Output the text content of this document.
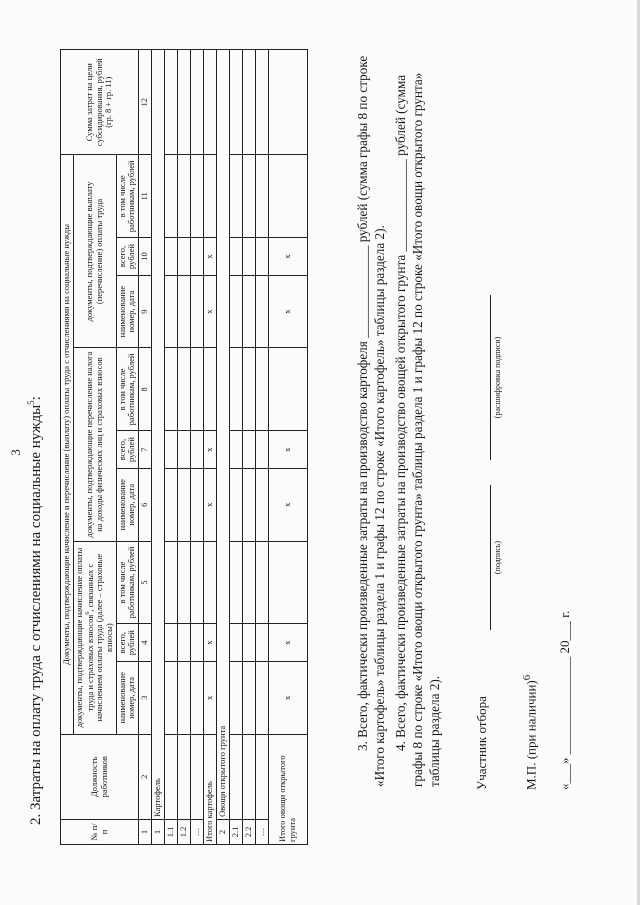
3 2. Затраты на оплату труда с отчислениями на социальные нужды$^5$:
№ п/п	Должность работников	Документы, подтверждающие начисление и перечисление (выплату) оплаты труда с отчислениями на социальные нужды									Сумма затрат на цели субсидирования, рублей (гр. 8 + гр. 11)
		документы, подтверждающие начисление оплаты труда и страховых взносов$^6$, связанных с начислением оплаты труда (далее – страховые взносы)			документы, подтверждающие перечисление налога на доходы физических лиц и страховых взносов			документы, подтверждающие выплату (перечисление) оплаты труда			
		наименование номер, дата	всего, рублей	в том числе работникам, рублей	наименование номер, дата	всего, рублей	в том числе работникам, рублей	наименование номер, дата	всего, рублей	в том числе работникам, рублей	
1	2	3	4	5	6	7	8	9	10	11	12
1	Картофель										
1.1											
1.2											
…											
Итого картофель		х	х		х	х		х	х		
2	Овощи открытого грунта										
2.1											
2.2											
…											
Итого овощи открытого грунта		х	х		х	х		х	х			3. Всего, фактически произведенные затраты на производство картофеля ______________ рублей (сумма графы 8 по строке «Итого картофель» таблицы раздела 1 и графы 12 по строке «Итого картофель» таблицы раздела 2). 4. Всего, фактически произведенные затраты на производство овощей открытого грунта ______________ рублей (сумма графы 8 по строке «Итого овощи открытого грунта» таблицы раздела 1 и графы 12 по строке «Итого овощи открытого грунта» таблицы раздела 2). Участник отбора
(подпись)
(расшифровка подписи)
М.П. (при наличии)$^6$	«___» _______________ 20___ г.
